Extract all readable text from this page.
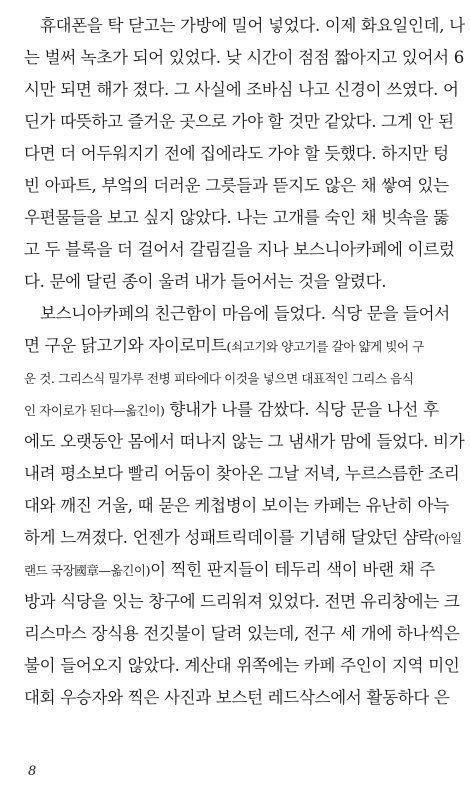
휴대폰을 탁 닫고는 가방에 밀어 넣었다. 이제 화요일인데, 나
는 벌써 녹초가 되어 있었다. 낮 시간이 점점 짧아지고 있어서 6
시만 되면 해가 졌다. 그 사실에 조바심 나고 신경이 쓰였다. 어
딘가 따뜻하고 즐거운 곳으로 가야 할 것만 같았다. 그게 안 된
다면 더 어두워지기 전에 집에라도 가야 할 듯했다. 하지만 텅
빈 아파트, 부엌의 더러운 그릇들과 뜯지도 않은 채 쌓여 있는
우편물들을 보고 싶지 않았다. 나는 고개를 숙인 채 빗속을 뚫
고 두 블록을 더 걸어서 갈림길을 지나 보스니아카페에 이르렀
다. 문에 달린 종이 울려 내가 들어서는 것을 알렸다.
보스니아카페의 친근함이 마음에 들었다. 식당 문을 들어서
면 구운 닭고기와 자이로미트(쇠고기와 양고기를 갈아 얇게 빚어 구
운 것. 그리스식 밀가루 전병 피타에다 이것을 넣으면 대표적인 그리스 음식
인 자이로가 된다—옮긴이) 향내가 나를 감쌌다. 식당 문을 나선 후
에도 오랫동안 몸에서 떠나지 않는 그 냄새가 맘에 들었다. 비가
내려 평소보다 빨리 어둠이 찾아온 그날 저녁, 누르스름한 조리
대와 깨진 거울, 때 묻은 케첩병이 보이는 카페는 유난히 아늑
하게 느껴졌다. 언젠가 성패트릭데이를 기념해 달았던 샴락(아일
랜드 국장國章—옮긴이)이 찍힌 판지들이 테두리 색이 바랜 채 주
방과 식당을 잇는 창구에 드리워져 있었다. 전면 유리창에는 크
리스마스 장식용 전깃불이 달려 있는데, 전구 세 개에 하나씩은
불이 들어오지 않았다. 계산대 위쪽에는 카페 주인이 지역 미인
대회 우승자와 찍은 사진과 보스턴 레드삭스에서 활동하다 은
8
